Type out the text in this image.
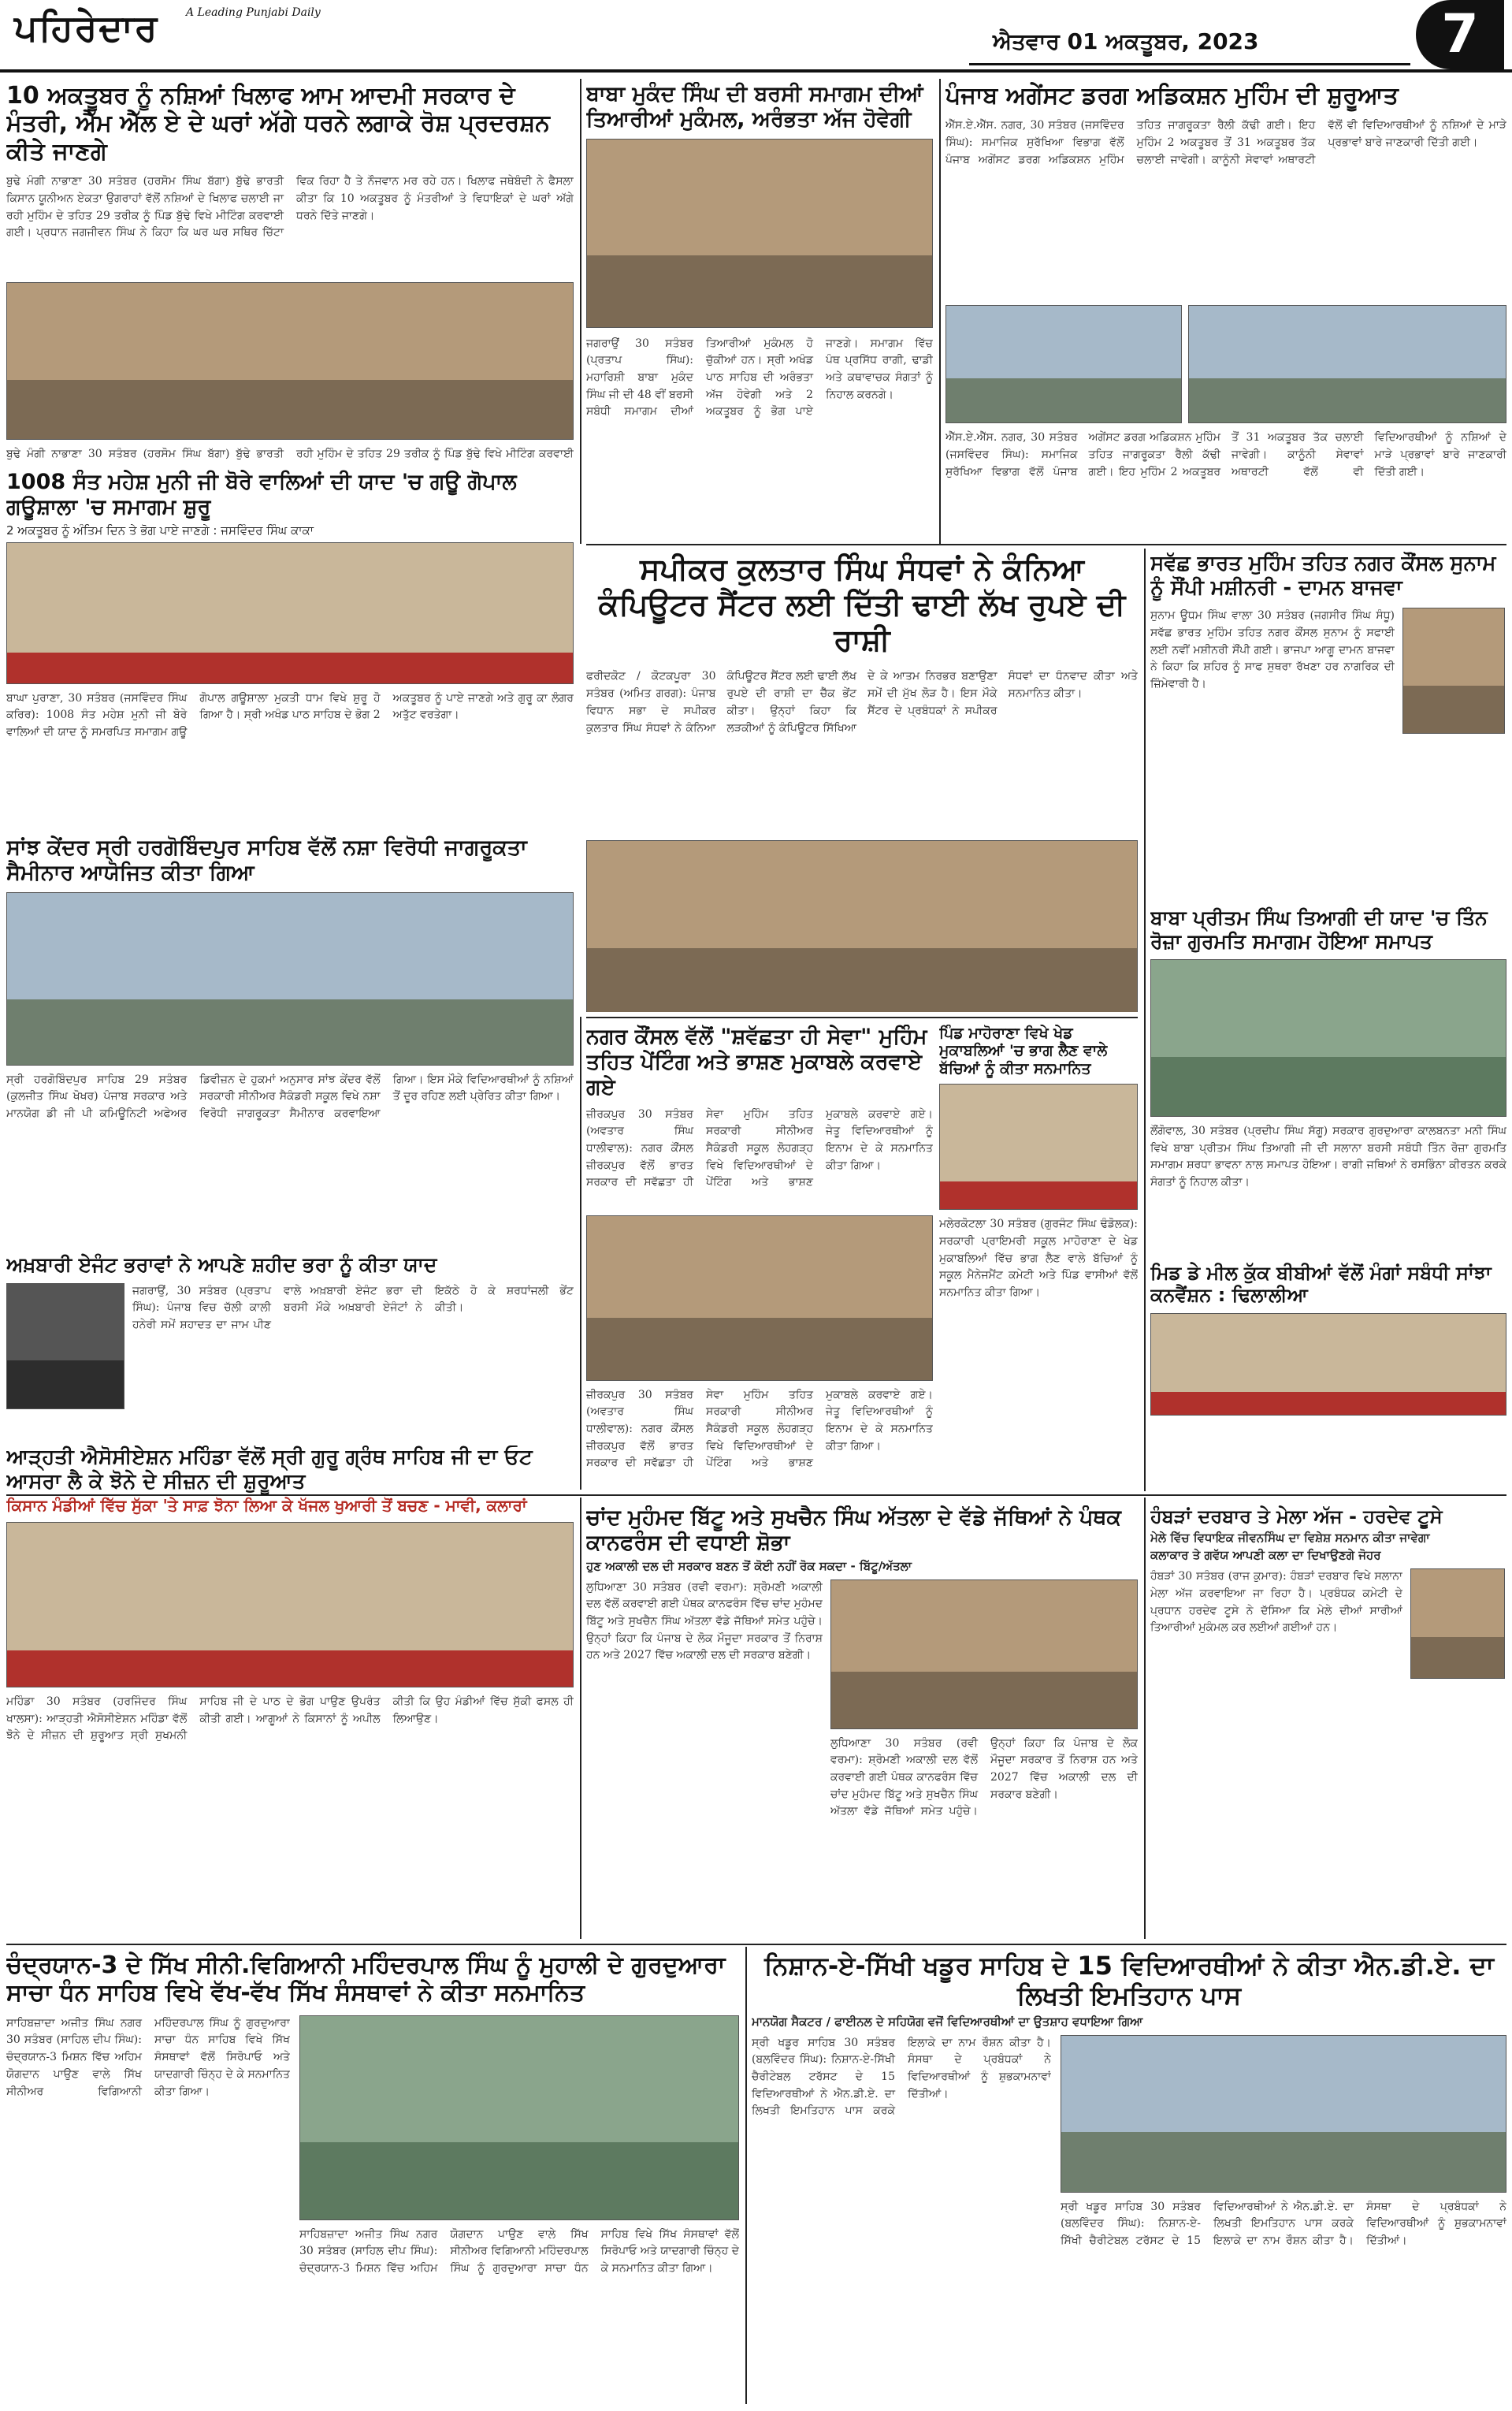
ਪਹਿਰੇਦਾਰ A Leading Punjabi Daily
ਐਤਵਾਰ 01 ਅਕਤੂਬਰ, 2023	7
10 ਅਕਤੂਬਰ ਨੂੰ ਨਸ਼ਿਆਂ ਖਿਲਾਫ ਆਮ ਆਦਮੀ ਸਰਕਾਰ ਦੇ ਮੰਤਰੀ, ਐੱਮ ਐੱਲ ਏ ਦੇ ਘਰਾਂ ਅੱਗੇ ਧਰਨੇ ਲਗਾਕੇ ਰੋਸ਼ ਪ੍ਰਦਰਸ਼ਨ ਕੀਤੇ ਜਾਣਗੇ
ਬੁਢੇ ਮੰਗੀ ਨਾਭਾਣਾ 30 ਸਤੰਬਰ (ਹਰਸੋਮ ਸਿੰਘ ਬੱਗਾ) ਬੁੱਢੇ ਭਾਰਤੀ ਕਿਸਾਨ ਯੂਨੀਅਨ ਏਕਤਾ ਉਗਰਾਹਾਂ ਵੱਲੋਂ ਨਸ਼ਿਆਂ ਦੇ ਖਿਲਾਫ ਚਲਾਈ ਜਾ ਰਹੀ ਮੁਹਿੰਮ ਦੇ ਤਹਿਤ 29 ਤਰੀਕ ਨੂੰ ਪਿੰਡ ਬੁੱਢੇ ਵਿਖੇ ਮੀਟਿੰਗ ਕਰਵਾਈ ਗਈ। ਪ੍ਰਧਾਨ ਜਗਜੀਵਨ ਸਿੰਘ ਨੇ ਕਿਹਾ ਕਿ ਘਰ ਘਰ ਸਥਿਰ ਚਿੱਟਾ ਵਿਕ ਰਿਹਾ ਹੈ ਤੇ ਨੌਜਵਾਨ ਮਰ ਰਹੇ ਹਨ। ਖਿਲਾਫ ਜਥੇਬੰਦੀ ਨੇ ਫੈਸਲਾ ਕੀਤਾ ਕਿ 10 ਅਕਤੂਬਰ ਨੂੰ ਮੰਤਰੀਆਂ ਤੇ ਵਿਧਾਇਕਾਂ ਦੇ ਘਰਾਂ ਅੱਗੇ ਧਰਨੇ ਦਿੱਤੇ ਜਾਣਗੇ।
ਬੁਢੇ ਮੰਗੀ ਨਾਭਾਣਾ 30 ਸਤੰਬਰ (ਹਰਸੋਮ ਸਿੰਘ ਬੱਗਾ) ਬੁੱਢੇ ਭਾਰਤੀ ਰਹੀ ਮੁਹਿੰਮ ਦੇ ਤਹਿਤ 29 ਤਰੀਕ ਨੂੰ ਪਿੰਡ ਬੁੱਢੇ ਵਿਖੇ ਮੀਟਿੰਗ ਕਰਵਾਈ
ਬਾਬਾ ਮੁਕੰਦ ਸਿੰਘ ਦੀ ਬਰਸੀ ਸਮਾਗਮ ਦੀਆਂ ਤਿਆਰੀਆਂ ਮੁਕੰਮਲ, ਅਰੰਭਤਾ ਅੱਜ ਹੋਵੇਗੀ
ਜਗਰਾਉਂ 30 ਸਤੰਬਰ (ਪ੍ਰਤਾਪ ਸਿੰਘ): ਮਹਾਰਿਸ਼ੀ ਬਾਬਾ ਮੁਕੰਦ ਸਿੰਘ ਜੀ ਦੀ 48 ਵੀਂ ਬਰਸੀ ਸਬੰਧੀ ਸਮਾਗਮ ਦੀਆਂ ਤਿਆਰੀਆਂ ਮੁਕੰਮਲ ਹੋ ਚੁੱਕੀਆਂ ਹਨ। ਸ੍ਰੀ ਅਖੰਡ ਪਾਠ ਸਾਹਿਬ ਦੀ ਅਰੰਭਤਾ ਅੱਜ ਹੋਵੇਗੀ ਅਤੇ 2 ਅਕਤੂਬਰ ਨੂੰ ਭੋਗ ਪਾਏ ਜਾਣਗੇ। ਸਮਾਗਮ ਵਿੱਚ ਪੰਥ ਪ੍ਰਸਿੱਧ ਰਾਗੀ, ਢਾਡੀ ਅਤੇ ਕਥਾਵਾਚਕ ਸੰਗਤਾਂ ਨੂੰ ਨਿਹਾਲ ਕਰਨਗੇ।
ਪੰਜਾਬ ਅਗੇਂਸਟ ਡਰਗ ਅਡਿਕਸ਼ਨ ਮੁਹਿੰਮ ਦੀ ਸ਼ੁਰੂਆਤ
ਐੱਸ.ਏ.ਐੱਸ. ਨਗਰ, 30 ਸਤੰਬਰ (ਜਸਵਿੰਦਰ ਸਿੰਘ): ਸਮਾਜਿਕ ਸੁਰੱਖਿਆ ਵਿਭਾਗ ਵੱਲੋਂ ਪੰਜਾਬ ਅਗੇਂਸਟ ਡਰਗ ਅਡਿਕਸ਼ਨ ਮੁਹਿੰਮ ਤਹਿਤ ਜਾਗਰੂਕਤਾ ਰੈਲੀ ਕੱਢੀ ਗਈ। ਇਹ ਮੁਹਿੰਮ 2 ਅਕਤੂਬਰ ਤੋਂ 31 ਅਕਤੂਬਰ ਤੱਕ ਚਲਾਈ ਜਾਵੇਗੀ। ਕਾਨੂੰਨੀ ਸੇਵਾਵਾਂ ਅਥਾਰਟੀ ਵੱਲੋਂ ਵੀ ਵਿਦਿਆਰਥੀਆਂ ਨੂੰ ਨਸ਼ਿਆਂ ਦੇ ਮਾੜੇ ਪ੍ਰਭਾਵਾਂ ਬਾਰੇ ਜਾਣਕਾਰੀ ਦਿੱਤੀ ਗਈ।
ਐੱਸ.ਏ.ਐੱਸ. ਨਗਰ, 30 ਸਤੰਬਰ (ਜਸਵਿੰਦਰ ਸਿੰਘ): ਸਮਾਜਿਕ ਸੁਰੱਖਿਆ ਵਿਭਾਗ ਵੱਲੋਂ ਪੰਜਾਬ ਅਗੇਂਸਟ ਡਰਗ ਅਡਿਕਸ਼ਨ ਮੁਹਿੰਮ ਤਹਿਤ ਜਾਗਰੂਕਤਾ ਰੈਲੀ ਕੱਢੀ ਗਈ। ਇਹ ਮੁਹਿੰਮ 2 ਅਕਤੂਬਰ ਤੋਂ 31 ਅਕਤੂਬਰ ਤੱਕ ਚਲਾਈ ਜਾਵੇਗੀ। ਕਾਨੂੰਨੀ ਸੇਵਾਵਾਂ ਅਥਾਰਟੀ ਵੱਲੋਂ ਵੀ ਵਿਦਿਆਰਥੀਆਂ ਨੂੰ ਨਸ਼ਿਆਂ ਦੇ ਮਾੜੇ ਪ੍ਰਭਾਵਾਂ ਬਾਰੇ ਜਾਣਕਾਰੀ ਦਿੱਤੀ ਗਈ।
1008 ਸੰਤ ਮਹੇਸ਼ ਮੁਨੀ ਜੀ ਬੋਰੇ ਵਾਲਿਆਂ ਦੀ ਯਾਦ 'ਚ ਗਊ ਗੋਪਾਲ ਗਊਸ਼ਾਲਾ 'ਚ ਸਮਾਗਮ ਸ਼ੁਰੂ
2 ਅਕਤੂਬਰ ਨੂੰ ਅੰਤਿਮ ਦਿਨ ਤੇ ਭੋਗ ਪਾਏ ਜਾਣਗੇ : ਜਸਵਿੰਦਰ ਸਿੰਘ ਕਾਕਾ
ਬਾਘਾ ਪੁਰਾਣਾ, 30 ਸਤੰਬਰ (ਜਸਵਿੰਦਰ ਸਿੰਘ ਕਰਿਰ): 1008 ਸੰਤ ਮਹੇਸ਼ ਮੁਨੀ ਜੀ ਬੋਰੇ ਵਾਲਿਆਂ ਦੀ ਯਾਦ ਨੂੰ ਸਮਰਪਿਤ ਸਮਾਗਮ ਗਊ ਗੋਪਾਲ ਗਊਸ਼ਾਲਾ ਮੁਕਤੀ ਧਾਮ ਵਿਖੇ ਸ਼ੁਰੂ ਹੋ ਗਿਆ ਹੈ। ਸ੍ਰੀ ਅਖੰਡ ਪਾਠ ਸਾਹਿਬ ਦੇ ਭੋਗ 2 ਅਕਤੂਬਰ ਨੂੰ ਪਾਏ ਜਾਣਗੇ ਅਤੇ ਗੁਰੂ ਕਾ ਲੰਗਰ ਅਤੁੱਟ ਵਰਤੇਗਾ।
ਸਪੀਕਰ ਕੁਲਤਾਰ ਸਿੰਘ ਸੰਧਵਾਂ ਨੇ ਕੰਨਿਆ ਕੰਪਿਊਟਰ ਸੈਂਟਰ ਲਈ ਦਿੱਤੀ ਢਾਈ ਲੱਖ ਰੁਪਏ ਦੀ ਰਾਸ਼ੀ
ਫਰੀਦਕੋਟ / ਕੋਟਕਪੂਰਾ 30 ਸਤੰਬਰ (ਅਮਿਤ ਗਰਗ): ਪੰਜਾਬ ਵਿਧਾਨ ਸਭਾ ਦੇ ਸਪੀਕਰ ਕੁਲਤਾਰ ਸਿੰਘ ਸੰਧਵਾਂ ਨੇ ਕੰਨਿਆ ਕੰਪਿਊਟਰ ਸੈਂਟਰ ਲਈ ਢਾਈ ਲੱਖ ਰੁਪਏ ਦੀ ਰਾਸ਼ੀ ਦਾ ਚੈੱਕ ਭੇਂਟ ਕੀਤਾ। ਉਨ੍ਹਾਂ ਕਿਹਾ ਕਿ ਲੜਕੀਆਂ ਨੂੰ ਕੰਪਿਊਟਰ ਸਿੱਖਿਆ ਦੇ ਕੇ ਆਤਮ ਨਿਰਭਰ ਬਣਾਉਣਾ ਸਮੇਂ ਦੀ ਮੁੱਖ ਲੋੜ ਹੈ। ਇਸ ਮੌਕੇ ਸੈਂਟਰ ਦੇ ਪ੍ਰਬੰਧਕਾਂ ਨੇ ਸਪੀਕਰ ਸੰਧਵਾਂ ਦਾ ਧੰਨਵਾਦ ਕੀਤਾ ਅਤੇ ਸਨਮਾਨਿਤ ਕੀਤਾ।
ਸਵੱਛ ਭਾਰਤ ਮੁਹਿੰਮ ਤਹਿਤ ਨਗਰ ਕੌਂਸਲ ਸੁਨਾਮ ਨੂੰ ਸੌਂਪੀ ਮਸ਼ੀਨਰੀ - ਦਾਮਨ ਬਾਜਵਾ
ਸੁਨਾਮ ਊਧਮ ਸਿੰਘ ਵਾਲਾ 30 ਸਤੰਬਰ (ਜਗਸੀਰ ਸਿੰਘ ਸੰਧੂ) ਸਵੱਛ ਭਾਰਤ ਮੁਹਿੰਮ ਤਹਿਤ ਨਗਰ ਕੌਂਸਲ ਸੁਨਾਮ ਨੂੰ ਸਫਾਈ ਲਈ ਨਵੀਂ ਮਸ਼ੀਨਰੀ ਸੌਂਪੀ ਗਈ। ਭਾਜਪਾ ਆਗੂ ਦਾਮਨ ਬਾਜਵਾ ਨੇ ਕਿਹਾ ਕਿ ਸ਼ਹਿਰ ਨੂੰ ਸਾਫ ਸੁਥਰਾ ਰੱਖਣਾ ਹਰ ਨਾਗਰਿਕ ਦੀ ਜ਼ਿੰਮੇਵਾਰੀ ਹੈ।
ਬਾਬਾ ਪ੍ਰੀਤਮ ਸਿੰਘ ਤਿਆਗੀ ਦੀ ਯਾਦ 'ਚ ਤਿੰਨ ਰੋਜ਼ਾ ਗੁਰਮਤਿ ਸਮਾਗਮ ਹੋਇਆ ਸਮਾਪਤ
ਲੌਂਗੋਵਾਲ, 30 ਸਤੰਬਰ (ਪ੍ਰਦੀਪ ਸਿੰਘ ਸੱਗੂ) ਸਰਕਾਰ ਗੁਰਦੁਆਰਾ ਕਾਲਬਨਤਾ ਮਨੀ ਸਿੰਘ ਵਿਖੇ ਬਾਬਾ ਪ੍ਰੀਤਮ ਸਿੰਘ ਤਿਆਗੀ ਜੀ ਦੀ ਸਲਾਨਾ ਬਰਸੀ ਸਬੰਧੀ ਤਿੰਨ ਰੋਜ਼ਾ ਗੁਰਮਤਿ ਸਮਾਗਮ ਸ਼ਰਧਾ ਭਾਵਨਾ ਨਾਲ ਸਮਾਪਤ ਹੋਇਆ। ਰਾਗੀ ਜਥਿਆਂ ਨੇ ਰਸਭਿੰਨਾ ਕੀਰਤਨ ਕਰਕੇ ਸੰਗਤਾਂ ਨੂੰ ਨਿਹਾਲ ਕੀਤਾ।
ਮਿਡ ਡੇ ਮੀਲ ਕੁੱਕ ਬੀਬੀਆਂ ਵੱਲੋਂ ਮੰਗਾਂ ਸਬੰਧੀ ਸਾਂਝਾ ਕਨਵੈਂਸ਼ਨ : ਢਿਲਾਲੀਆ
ਸਾਂਝ ਕੇਂਦਰ ਸ੍ਰੀ ਹਰਗੋਬਿੰਦਪੁਰ ਸਾਹਿਬ ਵੱਲੋਂ ਨਸ਼ਾ ਵਿਰੋਧੀ ਜਾਗਰੂਕਤਾ ਸੈਮੀਨਾਰ ਆਯੋਜਿਤ ਕੀਤਾ ਗਿਆ
ਸ੍ਰੀ ਹਰਗੋਬਿੰਦਪੁਰ ਸਾਹਿਬ 29 ਸਤੰਬਰ (ਕੁਲਜੀਤ ਸਿੰਘ ਖੋਖਰ) ਪੰਜਾਬ ਸਰਕਾਰ ਅਤੇ ਮਾਨਯੋਗ ਡੀ ਜੀ ਪੀ ਕਮਿਊਨਿਟੀ ਅਫੇਅਰ ਡਿਵੀਜ਼ਨ ਦੇ ਹੁਕਮਾਂ ਅਨੁਸਾਰ ਸਾਂਝ ਕੇਂਦਰ ਵੱਲੋਂ ਸਰਕਾਰੀ ਸੀਨੀਅਰ ਸੈਕੰਡਰੀ ਸਕੂਲ ਵਿਖੇ ਨਸ਼ਾ ਵਿਰੋਧੀ ਜਾਗਰੂਕਤਾ ਸੈਮੀਨਾਰ ਕਰਵਾਇਆ ਗਿਆ। ਇਸ ਮੌਕੇ ਵਿਦਿਆਰਥੀਆਂ ਨੂੰ ਨਸ਼ਿਆਂ ਤੋਂ ਦੂਰ ਰਹਿਣ ਲਈ ਪ੍ਰੇਰਿਤ ਕੀਤਾ ਗਿਆ।
ਅਖ਼ਬਾਰੀ ਏਜੰਟ ਭਰਾਵਾਂ ਨੇ ਆਪਣੇ ਸ਼ਹੀਦ ਭਰਾ ਨੂੰ ਕੀਤਾ ਯਾਦ
ਜਗਰਾਉਂ, 30 ਸਤੰਬਰ (ਪ੍ਰਤਾਪ ਸਿੰਘ): ਪੰਜਾਬ ਵਿਚ ਚੱਲੀ ਕਾਲੀ ਹਨੇਰੀ ਸਮੇਂ ਸ਼ਹਾਦਤ ਦਾ ਜਾਮ ਪੀਣ ਵਾਲੇ ਅਖ਼ਬਾਰੀ ਏਜੰਟ ਭਰਾ ਦੀ ਬਰਸੀ ਮੌਕੇ ਅਖ਼ਬਾਰੀ ਏਜੰਟਾਂ ਨੇ ਇਕੱਠੇ ਹੋ ਕੇ ਸ਼ਰਧਾਂਜਲੀ ਭੇਂਟ ਕੀਤੀ।
ਨਗਰ ਕੌਂਸਲ ਵੱਲੋਂ "ਸ਼ਵੱਛਤਾ ਹੀ ਸੇਵਾ" ਮੁਹਿੰਮ ਤਹਿਤ ਪੇਂਟਿੰਗ ਅਤੇ ਭਾਸ਼ਣ ਮੁਕਾਬਲੇ ਕਰਵਾਏ ਗਏ
ਜ਼ੀਰਕਪੁਰ 30 ਸਤੰਬਰ (ਅਵਤਾਰ ਸਿੰਘ ਧਾਲੀਵਾਲ): ਨਗਰ ਕੌਂਸਲ ਜ਼ੀਰਕਪੁਰ ਵੱਲੋਂ ਭਾਰਤ ਸਰਕਾਰ ਦੀ ਸਵੱਛਤਾ ਹੀ ਸੇਵਾ ਮੁਹਿੰਮ ਤਹਿਤ ਸਰਕਾਰੀ ਸੀਨੀਅਰ ਸੈਕੰਡਰੀ ਸਕੂਲ ਲੋਹਗੜ੍ਹ ਵਿਖੇ ਵਿਦਿਆਰਥੀਆਂ ਦੇ ਪੇਂਟਿੰਗ ਅਤੇ ਭਾਸ਼ਣ ਮੁਕਾਬਲੇ ਕਰਵਾਏ ਗਏ। ਜੇਤੂ ਵਿਦਿਆਰਥੀਆਂ ਨੂੰ ਇਨਾਮ ਦੇ ਕੇ ਸਨਮਾਨਿਤ ਕੀਤਾ ਗਿਆ।
ਜ਼ੀਰਕਪੁਰ 30 ਸਤੰਬਰ (ਅਵਤਾਰ ਸਿੰਘ ਧਾਲੀਵਾਲ): ਨਗਰ ਕੌਂਸਲ ਜ਼ੀਰਕਪੁਰ ਵੱਲੋਂ ਭਾਰਤ ਸਰਕਾਰ ਦੀ ਸਵੱਛਤਾ ਹੀ ਸੇਵਾ ਮੁਹਿੰਮ ਤਹਿਤ ਸਰਕਾਰੀ ਸੀਨੀਅਰ ਸੈਕੰਡਰੀ ਸਕੂਲ ਲੋਹਗੜ੍ਹ ਵਿਖੇ ਵਿਦਿਆਰਥੀਆਂ ਦੇ ਪੇਂਟਿੰਗ ਅਤੇ ਭਾਸ਼ਣ ਮੁਕਾਬਲੇ ਕਰਵਾਏ ਗਏ। ਜੇਤੂ ਵਿਦਿਆਰਥੀਆਂ ਨੂੰ ਇਨਾਮ ਦੇ ਕੇ ਸਨਮਾਨਿਤ ਕੀਤਾ ਗਿਆ।
ਪਿੰਡ ਮਾਹੋਰਾਣਾ ਵਿਖੇ ਖੇਡ ਮੁਕਾਬਲਿਆਂ 'ਚ ਭਾਗ ਲੈਣ ਵਾਲੇ ਬੱਚਿਆਂ ਨੂੰ ਕੀਤਾ ਸਨਮਾਨਿਤ
ਮਲੇਰਕੋਟਲਾ 30 ਸਤੰਬਰ (ਗੁਰਜੰਟ ਸਿੰਘ ਢੰਡੋਲਕ): ਸਰਕਾਰੀ ਪ੍ਰਾਇਮਰੀ ਸਕੂਲ ਮਾਹੋਰਾਣਾ ਦੇ ਖੇਡ ਮੁਕਾਬਲਿਆਂ ਵਿੱਚ ਭਾਗ ਲੈਣ ਵਾਲੇ ਬੱਚਿਆਂ ਨੂੰ ਸਕੂਲ ਮੈਨੇਜਮੈਂਟ ਕਮੇਟੀ ਅਤੇ ਪਿੰਡ ਵਾਸੀਆਂ ਵੱਲੋਂ ਸਨਮਾਨਿਤ ਕੀਤਾ ਗਿਆ।
ਆੜ੍ਹਤੀ ਐਸੋਸੀਏਸ਼ਨ ਮਹਿੰਡਾ ਵੱਲੋਂ ਸ੍ਰੀ ਗੁਰੂ ਗ੍ਰੰਥ ਸਾਹਿਬ ਜੀ ਦਾ ਓਟ ਆਸਰਾ ਲੈ ਕੇ ਝੋਨੇ ਦੇ ਸੀਜ਼ਨ ਦੀ ਸ਼ੁਰੂਆਤ
ਕਿਸਾਨ ਮੰਡੀਆਂ ਵਿੱਚ ਸੁੱਕਾ 'ਤੇ ਸਾਫ਼ ਝੋਨਾ ਲਿਆ ਕੇ ਖੱਜਲ ਖੁਆਰੀ ਤੋਂ ਬਚਣ - ਮਾਵੀ, ਕਲਾਰਾਂ
ਮਹਿੰਡਾ 30 ਸਤੰਬਰ (ਹਰਜਿੰਦਰ ਸਿੰਘ ਖਾਲਸਾ): ਆੜ੍ਹਤੀ ਐਸੋਸੀਏਸ਼ਨ ਮਹਿੰਡਾ ਵੱਲੋਂ ਝੋਨੇ ਦੇ ਸੀਜ਼ਨ ਦੀ ਸ਼ੁਰੂਆਤ ਸ੍ਰੀ ਸੁਖਮਨੀ ਸਾਹਿਬ ਜੀ ਦੇ ਪਾਠ ਦੇ ਭੋਗ ਪਾਉਣ ਉਪਰੰਤ ਕੀਤੀ ਗਈ। ਆਗੂਆਂ ਨੇ ਕਿਸਾਨਾਂ ਨੂੰ ਅਪੀਲ ਕੀਤੀ ਕਿ ਉਹ ਮੰਡੀਆਂ ਵਿੱਚ ਸੁੱਕੀ ਫਸਲ ਹੀ ਲਿਆਉਣ।
ਚਾਂਦ ਮੁਹੰਮਦ ਬਿੱਟੂ ਅਤੇ ਸੁਖਚੈਨ ਸਿੰਘ ਅੱਤਲਾ ਦੇ ਵੱਡੇ ਜੱਥਿਆਂ ਨੇ ਪੰਥਕ ਕਾਨਫਰੰਸ ਦੀ ਵਧਾਈ ਸ਼ੋਭਾ
ਹੁਣ ਅਕਾਲੀ ਦਲ ਦੀ ਸਰਕਾਰ ਬਣਨ ਤੋਂ ਕੋਈ ਨਹੀਂ ਰੋਕ ਸਕਦਾ - ਬਿੱਟੂ/ਅੱਤਲਾ
ਲੁਧਿਆਣਾ 30 ਸਤੰਬਰ (ਰਵੀ ਵਰਮਾ): ਸ਼੍ਰੋਮਣੀ ਅਕਾਲੀ ਦਲ ਵੱਲੋਂ ਕਰਵਾਈ ਗਈ ਪੰਥਕ ਕਾਨਫਰੰਸ ਵਿੱਚ ਚਾਂਦ ਮੁਹੰਮਦ ਬਿੱਟੂ ਅਤੇ ਸੁਖਚੈਨ ਸਿੰਘ ਅੱਤਲਾ ਵੱਡੇ ਜੱਥਿਆਂ ਸਮੇਤ ਪਹੁੰਚੇ। ਉਨ੍ਹਾਂ ਕਿਹਾ ਕਿ ਪੰਜਾਬ ਦੇ ਲੋਕ ਮੌਜੂਦਾ ਸਰਕਾਰ ਤੋਂ ਨਿਰਾਸ਼ ਹਨ ਅਤੇ 2027 ਵਿੱਚ ਅਕਾਲੀ ਦਲ ਦੀ ਸਰਕਾਰ ਬਣੇਗੀ।
ਲੁਧਿਆਣਾ 30 ਸਤੰਬਰ (ਰਵੀ ਵਰਮਾ): ਸ਼੍ਰੋਮਣੀ ਅਕਾਲੀ ਦਲ ਵੱਲੋਂ ਕਰਵਾਈ ਗਈ ਪੰਥਕ ਕਾਨਫਰੰਸ ਵਿੱਚ ਚਾਂਦ ਮੁਹੰਮਦ ਬਿੱਟੂ ਅਤੇ ਸੁਖਚੈਨ ਸਿੰਘ ਅੱਤਲਾ ਵੱਡੇ ਜੱਥਿਆਂ ਸਮੇਤ ਪਹੁੰਚੇ। ਉਨ੍ਹਾਂ ਕਿਹਾ ਕਿ ਪੰਜਾਬ ਦੇ ਲੋਕ ਮੌਜੂਦਾ ਸਰਕਾਰ ਤੋਂ ਨਿਰਾਸ਼ ਹਨ ਅਤੇ 2027 ਵਿੱਚ ਅਕਾਲੀ ਦਲ ਦੀ ਸਰਕਾਰ ਬਣੇਗੀ।
ਹੰਬੜਾਂ ਦਰਬਾਰ ਤੇ ਮੇਲਾ ਅੱਜ - ਹਰਦੇਵ ਟੂਸੇ
ਮੇਲੇ ਵਿੱਚ ਵਿਧਾਇਕ ਜੀਵਨਸਿੰਘ ਦਾ ਵਿਸ਼ੇਸ਼ ਸਨਮਾਨ ਕੀਤਾ ਜਾਵੇਗਾ
ਕਲਾਕਾਰ ਤੇ ਗਵੱਯ ਆਪਣੀ ਕਲਾ ਦਾ ਦਿਖਾਉਣਗੇ ਜੋਹਰ
ਹੰਬੜਾਂ 30 ਸਤੰਬਰ (ਰਾਜ ਕੁਮਾਰ): ਹੰਬੜਾਂ ਦਰਬਾਰ ਵਿਖੇ ਸਲਾਨਾ ਮੇਲਾ ਅੱਜ ਕਰਵਾਇਆ ਜਾ ਰਿਹਾ ਹੈ। ਪ੍ਰਬੰਧਕ ਕਮੇਟੀ ਦੇ ਪ੍ਰਧਾਨ ਹਰਦੇਵ ਟੂਸੇ ਨੇ ਦੱਸਿਆ ਕਿ ਮੇਲੇ ਦੀਆਂ ਸਾਰੀਆਂ ਤਿਆਰੀਆਂ ਮੁਕੰਮਲ ਕਰ ਲਈਆਂ ਗਈਆਂ ਹਨ।
ਚੰਦ੍ਰਯਾਨ-3 ਦੇ ਸਿੱਖ ਸੀਨੀ.ਵਿਗਿਆਨੀ ਮਹਿੰਦਰਪਾਲ ਸਿੰਘ ਨੂੰ ਮੁਹਾਲੀ ਦੇ ਗੁਰਦੁਆਰਾ ਸਾਚਾ ਧੰਨ ਸਾਹਿਬ ਵਿਖੇ ਵੱਖ-ਵੱਖ ਸਿੱਖ ਸੰਸਥਾਵਾਂ ਨੇ ਕੀਤਾ ਸਨਮਾਨਿਤ
ਸਾਹਿਬਜ਼ਾਦਾ ਅਜੀਤ ਸਿੰਘ ਨਗਰ 30 ਸਤੰਬਰ (ਸਾਹਿਲ ਦੀਪ ਸਿੰਘ): ਚੰਦ੍ਰਯਾਨ-3 ਮਿਸ਼ਨ ਵਿੱਚ ਅਹਿਮ ਯੋਗਦਾਨ ਪਾਉਣ ਵਾਲੇ ਸਿੱਖ ਸੀਨੀਅਰ ਵਿਗਿਆਨੀ ਮਹਿੰਦਰਪਾਲ ਸਿੰਘ ਨੂੰ ਗੁਰਦੁਆਰਾ ਸਾਚਾ ਧੰਨ ਸਾਹਿਬ ਵਿਖੇ ਸਿੱਖ ਸੰਸਥਾਵਾਂ ਵੱਲੋਂ ਸਿਰੋਪਾਓ ਅਤੇ ਯਾਦਗਾਰੀ ਚਿੰਨ੍ਹ ਦੇ ਕੇ ਸਨਮਾਨਿਤ ਕੀਤਾ ਗਿਆ।
ਸਾਹਿਬਜ਼ਾਦਾ ਅਜੀਤ ਸਿੰਘ ਨਗਰ 30 ਸਤੰਬਰ (ਸਾਹਿਲ ਦੀਪ ਸਿੰਘ): ਚੰਦ੍ਰਯਾਨ-3 ਮਿਸ਼ਨ ਵਿੱਚ ਅਹਿਮ ਯੋਗਦਾਨ ਪਾਉਣ ਵਾਲੇ ਸਿੱਖ ਸੀਨੀਅਰ ਵਿਗਿਆਨੀ ਮਹਿੰਦਰਪਾਲ ਸਿੰਘ ਨੂੰ ਗੁਰਦੁਆਰਾ ਸਾਚਾ ਧੰਨ ਸਾਹਿਬ ਵਿਖੇ ਸਿੱਖ ਸੰਸਥਾਵਾਂ ਵੱਲੋਂ ਸਿਰੋਪਾਓ ਅਤੇ ਯਾਦਗਾਰੀ ਚਿੰਨ੍ਹ ਦੇ ਕੇ ਸਨਮਾਨਿਤ ਕੀਤਾ ਗਿਆ।
ਨਿਸ਼ਾਨ-ਏ-ਸਿੱਖੀ ਖਡੂਰ ਸਾਹਿਬ ਦੇ 15 ਵਿਦਿਆਰਥੀਆਂ ਨੇ ਕੀਤਾ ਐਨ.ਡੀ.ਏ. ਦਾ ਲਿਖਤੀ ਇਮਤਿਹਾਨ ਪਾਸ
ਮਾਨਯੋਗ ਸੈਕਟਰ / ਫਾਈਨਲ ਦੇ ਸਹਿਯੋਗ ਵਜੋਂ ਵਿਦਿਆਰਥੀਆਂ ਦਾ ਉਤਸ਼ਾਹ ਵਧਾਇਆ ਗਿਆ
ਸ੍ਰੀ ਖਡੂਰ ਸਾਹਿਬ 30 ਸਤੰਬਰ (ਬਲਵਿੰਦਰ ਸਿੰਘ): ਨਿਸ਼ਾਨ-ਏ-ਸਿੱਖੀ ਚੈਰੀਟੇਬਲ ਟਰੱਸਟ ਦੇ 15 ਵਿਦਿਆਰਥੀਆਂ ਨੇ ਐਨ.ਡੀ.ਏ. ਦਾ ਲਿਖਤੀ ਇਮਤਿਹਾਨ ਪਾਸ ਕਰਕੇ ਇਲਾਕੇ ਦਾ ਨਾਮ ਰੌਸ਼ਨ ਕੀਤਾ ਹੈ। ਸੰਸਥਾ ਦੇ ਪ੍ਰਬੰਧਕਾਂ ਨੇ ਵਿਦਿਆਰਥੀਆਂ ਨੂੰ ਸ਼ੁਭਕਾਮਨਾਵਾਂ ਦਿੱਤੀਆਂ।
ਸ੍ਰੀ ਖਡੂਰ ਸਾਹਿਬ 30 ਸਤੰਬਰ (ਬਲਵਿੰਦਰ ਸਿੰਘ): ਨਿਸ਼ਾਨ-ਏ-ਸਿੱਖੀ ਚੈਰੀਟੇਬਲ ਟਰੱਸਟ ਦੇ 15 ਵਿਦਿਆਰਥੀਆਂ ਨੇ ਐਨ.ਡੀ.ਏ. ਦਾ ਲਿਖਤੀ ਇਮਤਿਹਾਨ ਪਾਸ ਕਰਕੇ ਇਲਾਕੇ ਦਾ ਨਾਮ ਰੌਸ਼ਨ ਕੀਤਾ ਹੈ। ਸੰਸਥਾ ਦੇ ਪ੍ਰਬੰਧਕਾਂ ਨੇ ਵਿਦਿਆਰਥੀਆਂ ਨੂੰ ਸ਼ੁਭਕਾਮਨਾਵਾਂ ਦਿੱਤੀਆਂ।
